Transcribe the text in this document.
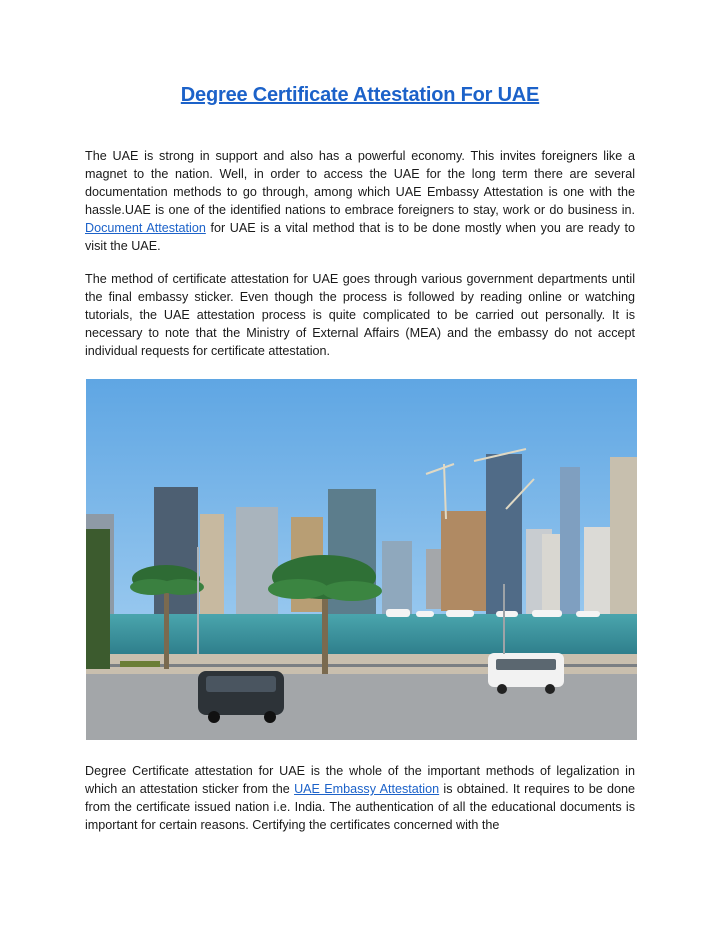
Degree Certificate Attestation For UAE

The UAE is strong in support and also has a powerful economy. This invites foreigners like a magnet to the nation. Well, in order to access the UAE for the long term there are several documentation methods to go through, among which UAE Embassy Attestation is one with the hassle.UAE is one of the identified nations to embrace foreigners to stay, work or do business in. Document Attestation for UAE is a vital method that is to be done mostly when you are ready to visit the UAE.

The method of certificate attestation for UAE goes through various government departments until the final embassy sticker. Even though the process is followed by reading online or watching tutorials, the UAE attestation process is quite complicated to be carried out personally. It is necessary to note that the Ministry of External Affairs (MEA) and the embassy do not accept individual requests for certificate attestation.

Degree Certificate attestation for UAE is the whole of the important methods of legalization in which an attestation sticker from the UAE Embassy Attestation is obtained. It requires to be done from the certificate issued nation i.e. India. The authentication of all the educational documents is important for certain reasons. Certifying the certificates concerned with the
